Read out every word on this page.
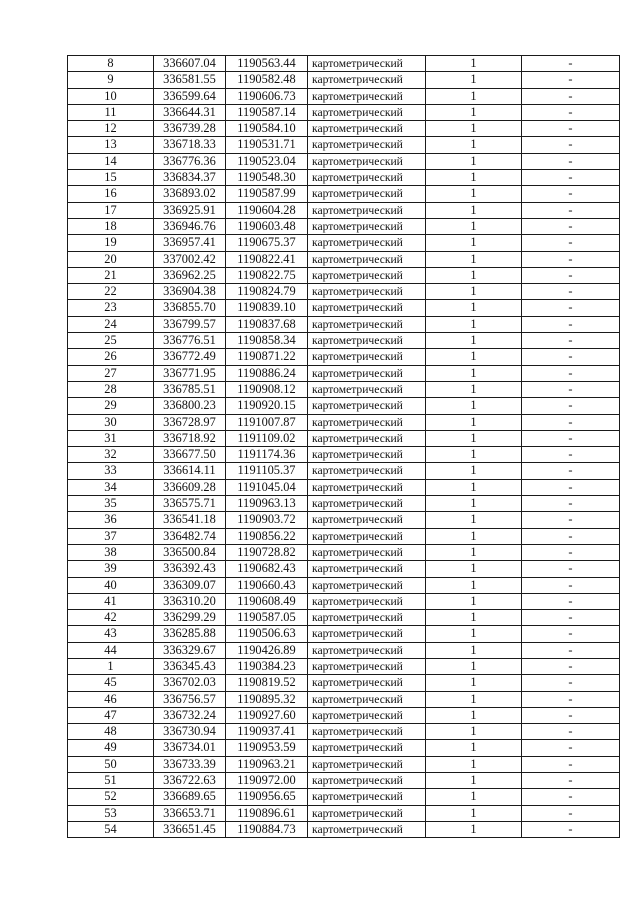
8	336607.04	1190563.44	картометрический	1	-
9	336581.55	1190582.48	картометрический	1	-
10	336599.64	1190606.73	картометрический	1	-
11	336644.31	1190587.14	картометрический	1	-
12	336739.28	1190584.10	картометрический	1	-
13	336718.33	1190531.71	картометрический	1	-
14	336776.36	1190523.04	картометрический	1	-
15	336834.37	1190548.30	картометрический	1	-
16	336893.02	1190587.99	картометрический	1	-
17	336925.91	1190604.28	картометрический	1	-
18	336946.76	1190603.48	картометрический	1	-
19	336957.41	1190675.37	картометрический	1	-
20	337002.42	1190822.41	картометрический	1	-
21	336962.25	1190822.75	картометрический	1	-
22	336904.38	1190824.79	картометрический	1	-
23	336855.70	1190839.10	картометрический	1	-
24	336799.57	1190837.68	картометрический	1	-
25	336776.51	1190858.34	картометрический	1	-
26	336772.49	1190871.22	картометрический	1	-
27	336771.95	1190886.24	картометрический	1	-
28	336785.51	1190908.12	картометрический	1	-
29	336800.23	1190920.15	картометрический	1	-
30	336728.97	1191007.87	картометрический	1	-
31	336718.92	1191109.02	картометрический	1	-
32	336677.50	1191174.36	картометрический	1	-
33	336614.11	1191105.37	картометрический	1	-
34	336609.28	1191045.04	картометрический	1	-
35	336575.71	1190963.13	картометрический	1	-
36	336541.18	1190903.72	картометрический	1	-
37	336482.74	1190856.22	картометрический	1	-
38	336500.84	1190728.82	картометрический	1	-
39	336392.43	1190682.43	картометрический	1	-
40	336309.07	1190660.43	картометрический	1	-
41	336310.20	1190608.49	картометрический	1	-
42	336299.29	1190587.05	картометрический	1	-
43	336285.88	1190506.63	картометрический	1	-
44	336329.67	1190426.89	картометрический	1	-
1	336345.43	1190384.23	картометрический	1	-
45	336702.03	1190819.52	картометрический	1	-
46	336756.57	1190895.32	картометрический	1	-
47	336732.24	1190927.60	картометрический	1	-
48	336730.94	1190937.41	картометрический	1	-
49	336734.01	1190953.59	картометрический	1	-
50	336733.39	1190963.21	картометрический	1	-
51	336722.63	1190972.00	картометрический	1	-
52	336689.65	1190956.65	картометрический	1	-
53	336653.71	1190896.61	картометрический	1	-
54	336651.45	1190884.73	картометрический	1	-
